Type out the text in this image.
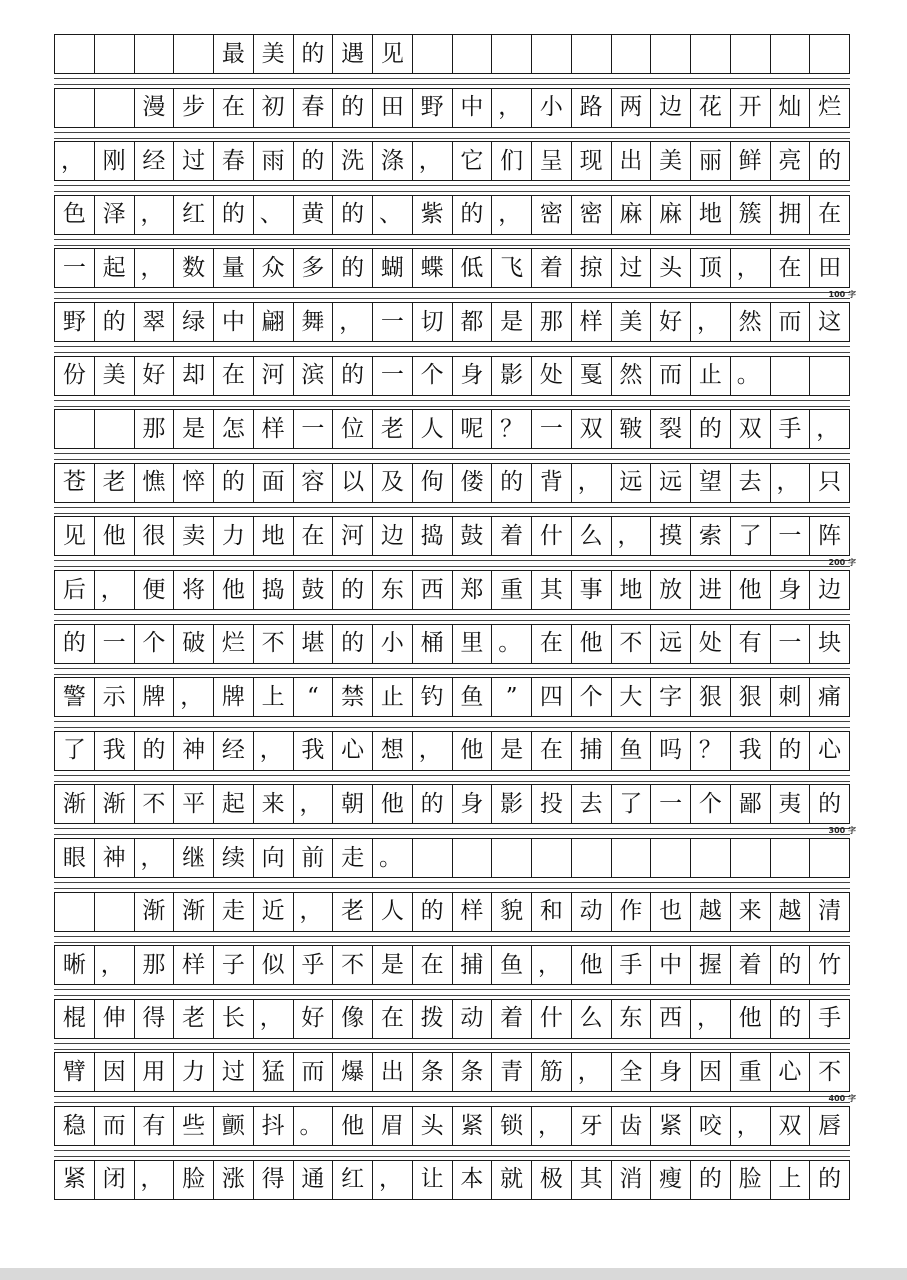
最 美 的 遇 见
漫 步 在 初 春 的 田 野 中 ， 小 路 两 边 花 开 灿 烂
， 刚 经 过 春 雨 的 洗 涤 ， 它 们 呈 现 出 美 丽 鲜 亮 的
色 泽 ， 红 的 、 黄 的 、 紫 的 ， 密 密 麻 麻 地 簇 拥 在
一 起 ， 数 量 众 多 的 蝴 蝶 低 飞 着 掠 过 头 顶 ， 在 田
野 的 翠 绿 中 翩 舞 ， 一 切 都 是 那 样 美 好 ， 然 而 这
份 美 好 却 在 河 滨 的 一 个 身 影 处 戛 然 而 止 。
那 是 怎 样 一 位 老 人 呢 ？ 一 双 皲 裂 的 双 手 ，
苍 老 憔 悴 的 面 容 以 及 佝 偻 的 背 ， 远 远 望 去 ， 只
见 他 很 卖 力 地 在 河 边 捣 鼓 着 什 么 ， 摸 索 了 一 阵
后 ， 便 将 他 捣 鼓 的 东 西 郑 重 其 事 地 放 进 他 身 边
的 一 个 破 烂 不 堪 的 小 桶 里 。 在 他 不 远 处 有 一 块
警 示 牌 ， 牌 上 “ 禁 止 钓 鱼 ” 四 个 大 字 狠 狠 刺 痛
了 我 的 神 经 ， 我 心 想 ， 他 是 在 捕 鱼 吗 ？ 我 的 心
渐 渐 不 平 起 来 ， 朝 他 的 身 影 投 去 了 一 个 鄙 夷 的
眼 神 ， 继 续 向 前 走 。
渐 渐 走 近 ， 老 人 的 样 貌 和 动 作 也 越 来 越 清
晰 ， 那 样 子 似 乎 不 是 在 捕 鱼 ， 他 手 中 握 着 的 竹
棍 伸 得 老 长 ， 好 像 在 拨 动 着 什 么 东 西 ， 他 的 手
臂 因 用 力 过 猛 而 爆 出 条 条 青 筋 ， 全 身 因 重 心 不
稳 而 有 些 颤 抖 。 他 眉 头 紧 锁 ， 牙 齿 紧 咬 ， 双 唇
紧 闭 ， 脸 涨 得 通 红 ， 让 本 就 极 其 消 瘦 的 脸 上 的
100 字
200 字
300 字
400 字
